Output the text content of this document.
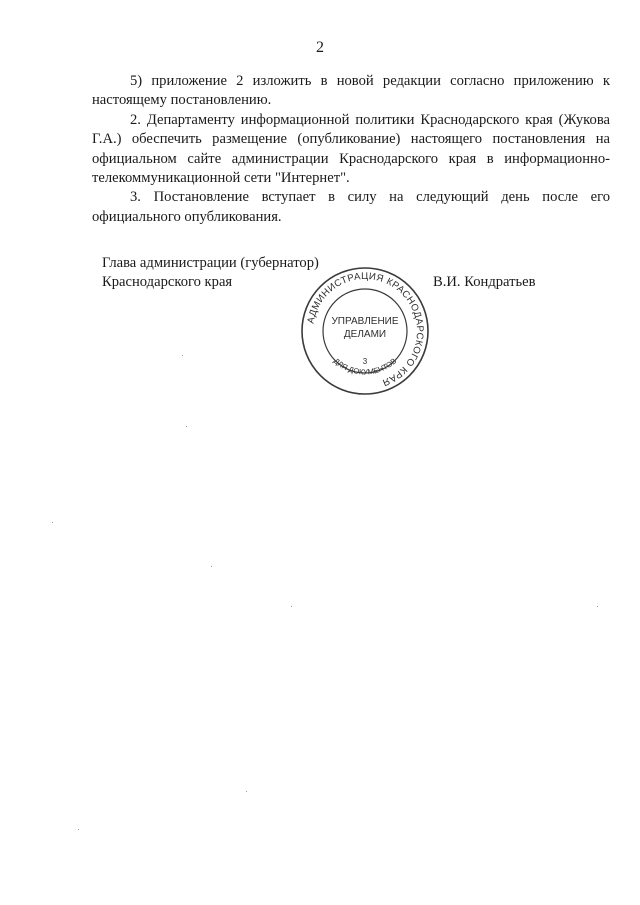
2

5) приложение 2 изложить в новой редакции согласно приложению к настоящему постановлению.

2. Департаменту информационной политики Краснодарского края (Жукова Г.А.) обеспечить размещение (опубликование) настоящего постановления на официальном сайте администрации Краснодарского края в информационно-телекоммуникационной сети "Интернет".

3. Постановление вступает в силу на следующий день после его официального опубликования.

Глава администрации (губернатор)
Краснодарского края	В.И. Кондратьев
АДМИНИСТРАЦИЯ КРАСНОДАРСКОГО КРАЯ
ДЛЯ ДОКУМЕНТОВ
УПРАВЛЕНИЕ
ДЕЛАМИ
3
